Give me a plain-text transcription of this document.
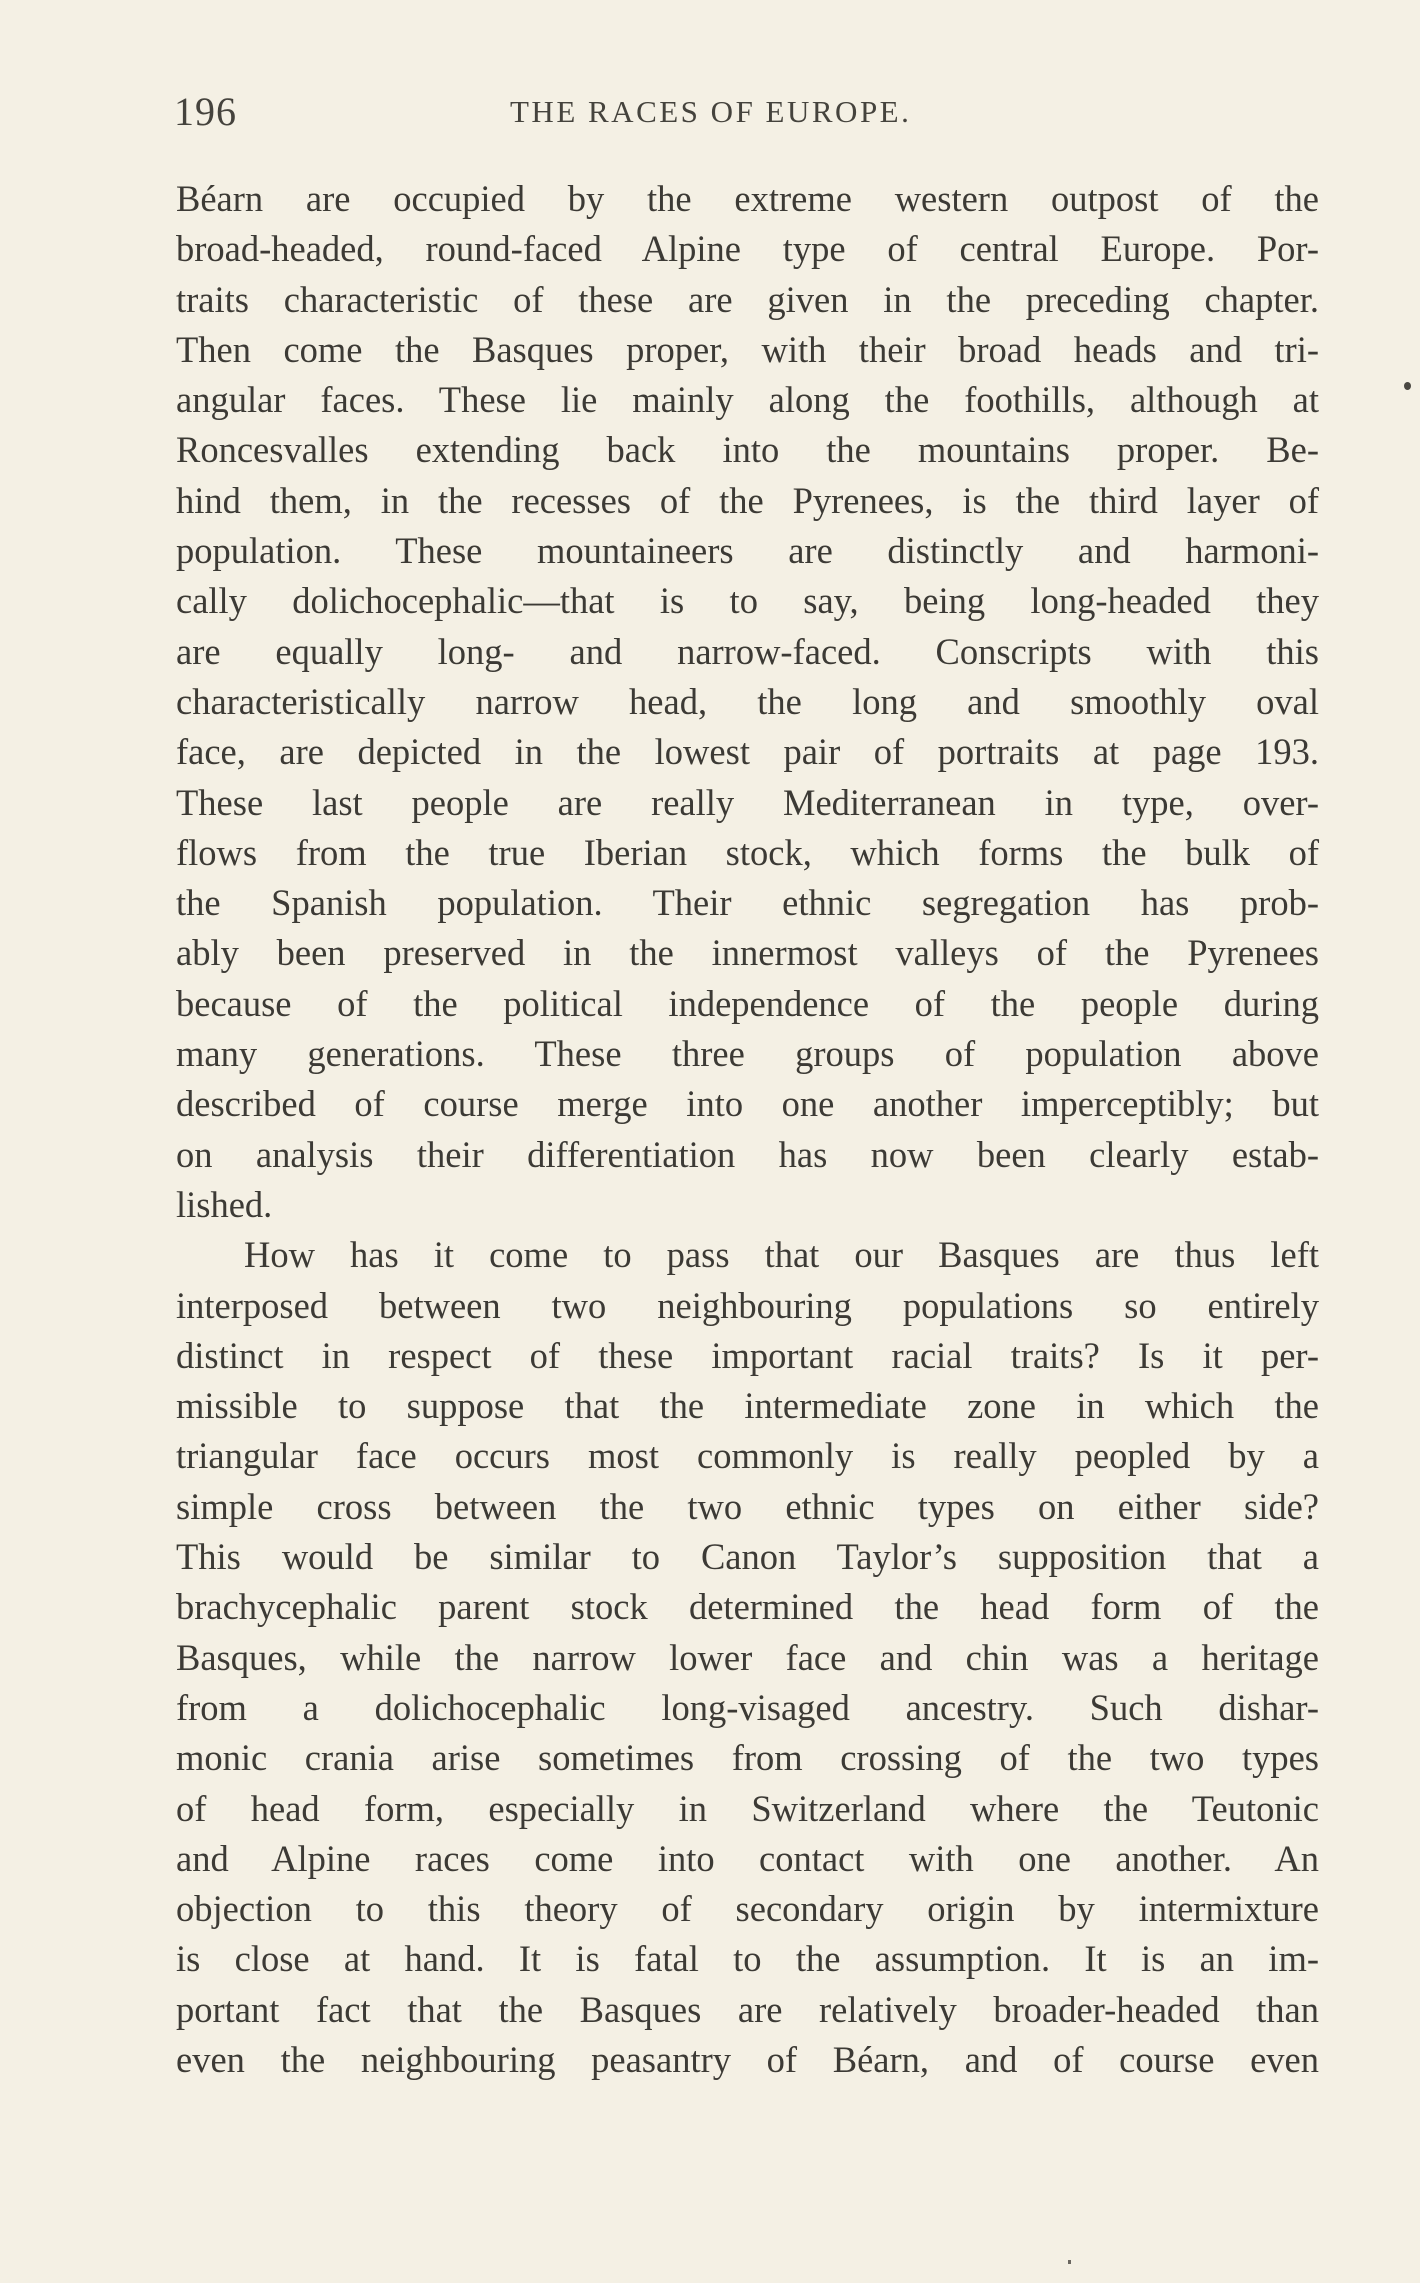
196	THE RACES OF EUROPE.
Béarn are occupied by the extreme western outpost of the
broad-headed, round-faced Alpine type of central Europe. Por-
traits characteristic of these are given in the preceding chapter.
Then come the Basques proper, with their broad heads and tri-
angular faces. These lie mainly along the foothills, although at
Roncesvalles extending back into the mountains proper. Be-
hind them, in the recesses of the Pyrenees, is the third layer of
population. These mountaineers are distinctly and harmoni-
cally dolichocephalic—that is to say, being long-headed they
are equally long- and narrow-faced. Conscripts with this
characteristically narrow head, the long and smoothly oval
face, are depicted in the lowest pair of portraits at page 193.
These last people are really Mediterranean in type, over-
flows from the true Iberian stock, which forms the bulk of
the Spanish population. Their ethnic segregation has prob-
ably been preserved in the innermost valleys of the Pyrenees
because of the political independence of the people during
many generations. These three groups of population above
described of course merge into one another imperceptibly; but
on analysis their differentiation has now been clearly estab-
lished.
How has it come to pass that our Basques are thus left
interposed between two neighbouring populations so entirely
distinct in respect of these important racial traits? Is it per-
missible to suppose that the intermediate zone in which the
triangular face occurs most commonly is really peopled by a
simple cross between the two ethnic types on either side?
This would be similar to Canon Taylor’s supposition that a
brachycephalic parent stock determined the head form of the
Basques, while the narrow lower face and chin was a heritage
from a dolichocephalic long-visaged ancestry. Such dishar-
monic crania arise sometimes from crossing of the two types
of head form, especially in Switzerland where the Teutonic
and Alpine races come into contact with one another. An
objection to this theory of secondary origin by intermixture
is close at hand. It is fatal to the assumption. It is an im-
portant fact that the Basques are relatively broader-headed than
even the neighbouring peasantry of Béarn, and of course even
